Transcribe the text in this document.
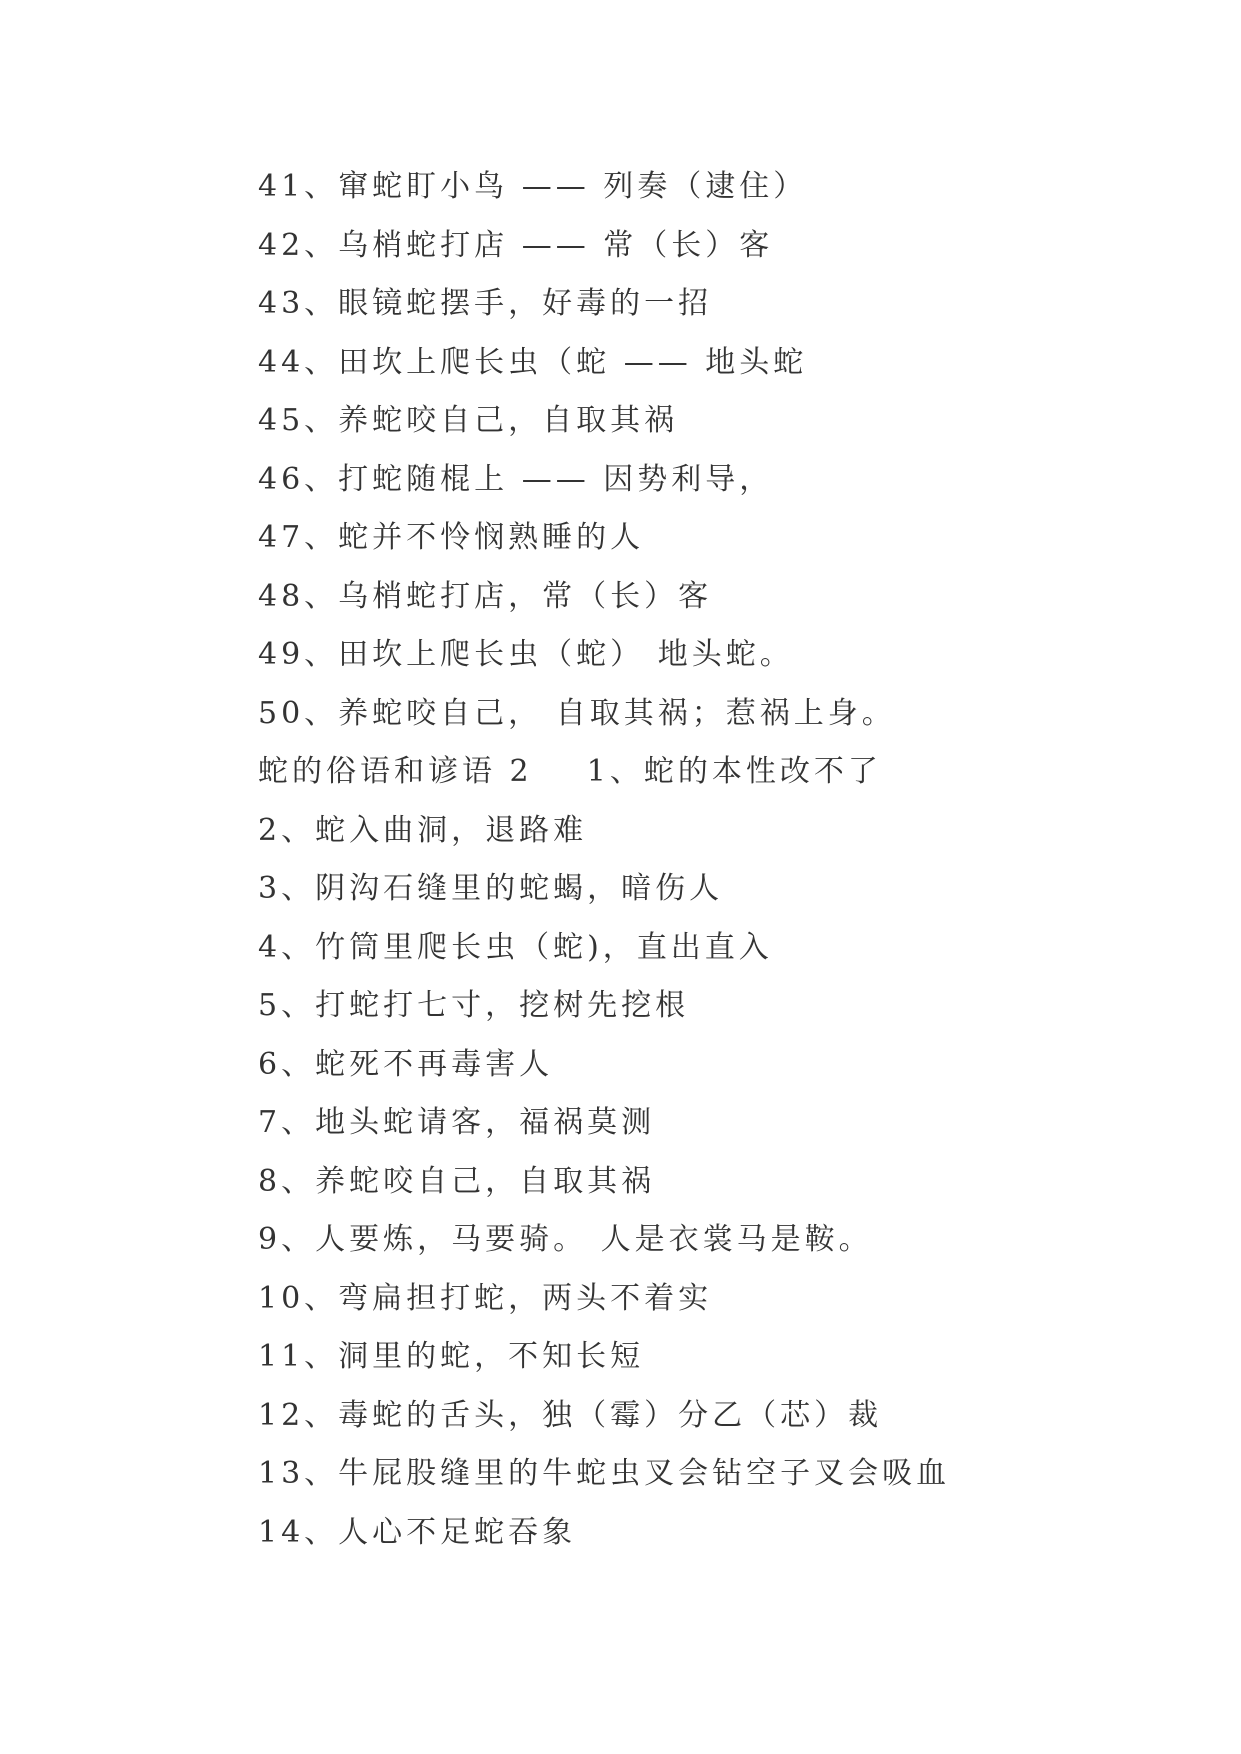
41、窜蛇盯小鸟 —— 列奏（逮住）
42、乌梢蛇打店 —— 常（长）客
43、眼镜蛇摆手，好毒的一招
44、田坎上爬长虫（蛇 —— 地头蛇
45、养蛇咬自己，自取其祸
46、打蛇随棍上 —— 因势利导，
47、蛇并不怜悯熟睡的人
48、乌梢蛇打店，常（长）客
49、田坎上爬长虫（蛇） 地头蛇。
50、养蛇咬自己， 自取其祸；惹祸上身。
蛇的俗语和谚语 2    1、蛇的本性改不了
2、蛇入曲洞，退路难
3、阴沟石缝里的蛇蝎，暗伤人
4、竹筒里爬长虫（蛇)，直出直入
5、打蛇打七寸，挖树先挖根
6、蛇死不再毒害人
7、地头蛇请客，福祸莫测
8、养蛇咬自己，自取其祸
9、人要炼，马要骑。 人是衣裳马是鞍。
10、弯扁担打蛇，两头不着实
11、洞里的蛇，不知长短
12、毒蛇的舌头，独（霉）分乙（芯）裁
13、牛屁股缝里的牛蛇虫叉会钻空子叉会吸血
14、人心不足蛇吞象
